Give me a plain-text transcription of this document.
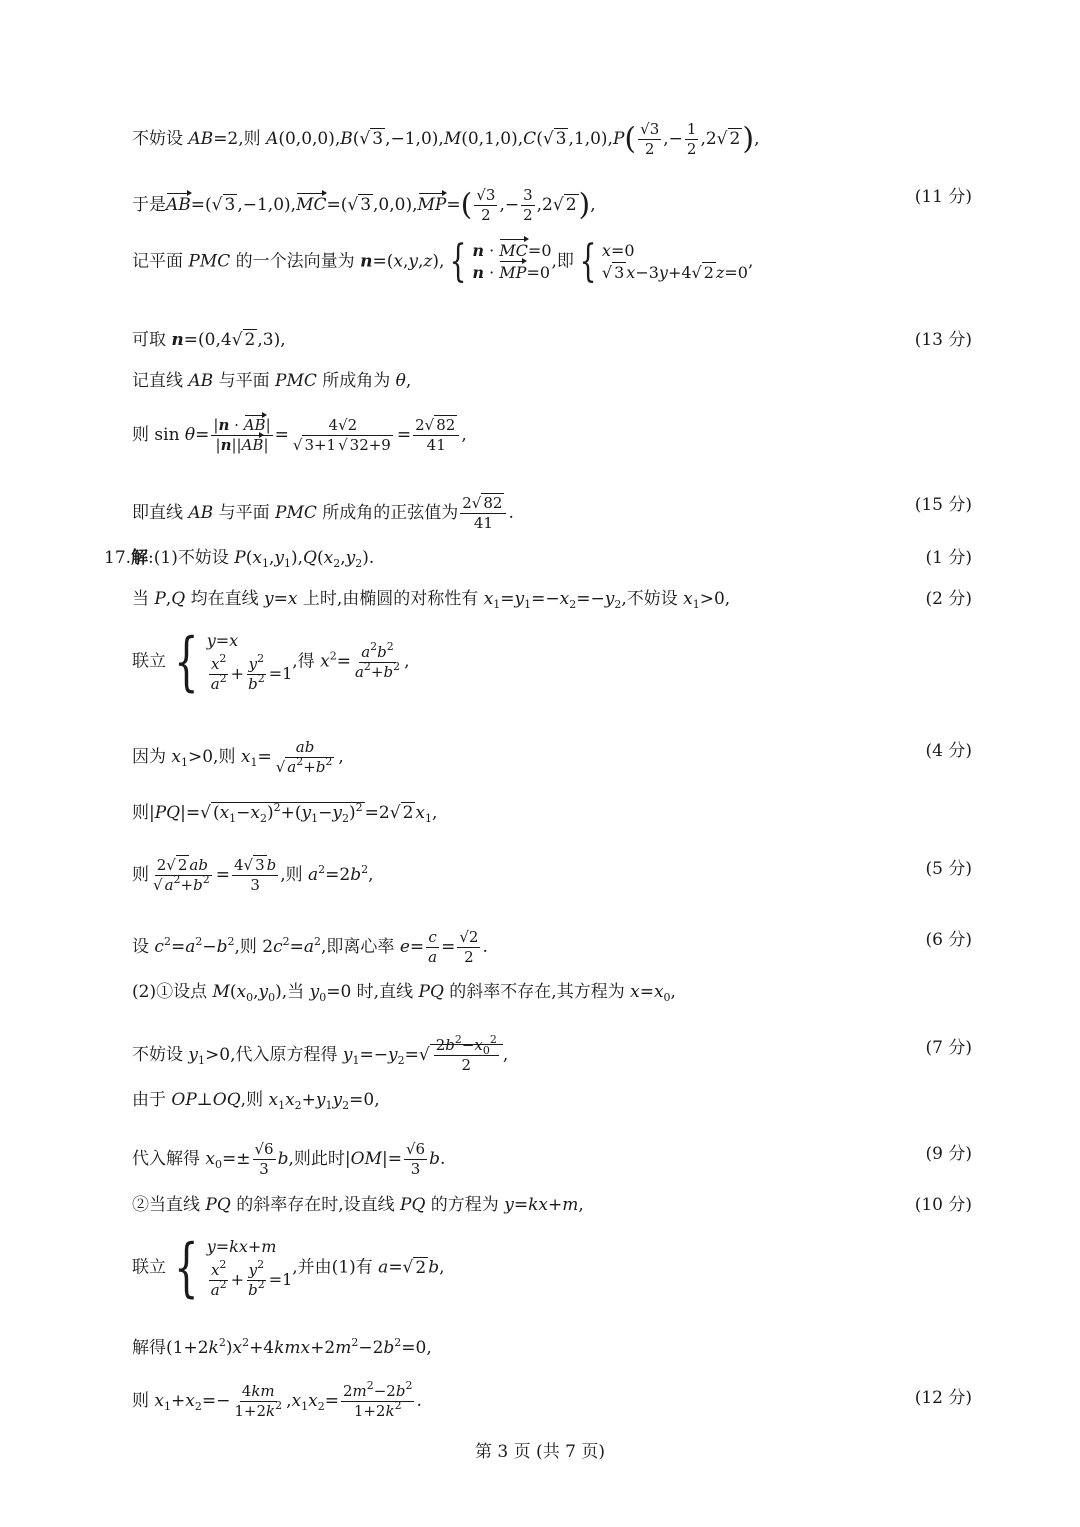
不妨设 AB=2,则 A(0,0,0),B(√ 3 ,−1,0),M(0,1,0),C(√ 3 $,1,0),P( \frac{√3}{2}$ ,− $\frac{1}{2} ,2√$ 2),
于是AB=(√ 3 ,−1,0),MC=(√ 3 $,0,0),MP=( \frac{√3}{2}$ ,− $\frac{3}{2} ,2√$ 2),	(11 分)
记平面 PMC 的一个法向量为 n=(x,y,z), { n · MC=0
n · MP=0
,即 { x=0
√ 3 x−3y+4√ 2 z=0
,
可取 n=(0,4√ 2 ,3),	(13 分)
记直线 AB 与平面 PMC 所成角为 θ,
则 $\sin \theta= \frac{|n \cdot AB|}{|n||AB|} = \frac{4√2}{√ 3+1 √ 32+9} = \frac{2√ 82}{41}$ ,
即直线 AB 与平面 PMC 所成角的正弦值为 $\frac{2√ 82}{41}$ .	(15 分)
17.解:(1)不妨设 $P(x_1,y_1),Q(x_2,y_2)$.	(1 分)
当 P,Q 均在直线 y=x 上时,由椭圆的对称性有 $x_1=y_1=-x_2=-y_2$,不妨设 $x_1>0$,	(2 分)
联立 { y=x
$\frac{x^2}{a^2} + \frac{y^2}{b^2} =1$
,得 $x^2= \frac{a^2b^2}{a^2+b^2}$ ,
因为 $x_1>0$,则 $x_1= \frac{ab}{√ a^2+b^2}$ ,	(4 分)
则|PQ|=√ $(x_1-x_2)^2+(y_1-y_2)^2 =2√$ 2 $x_1$,
则 $\frac{2√ 2 ab}{√ a^2+b^2} = \frac{4√ 3 b}{3}$ ,则 $a^2=2b^2$,	(5 分)
设 $c^2=a^2-b^2$,则 $2c^2=a^2$,即离心率 $e= \frac{c}{a} = \frac{√2}{2}$ .	(6 分)
(2)①设点 $M(x_0,y_0)$,当 $y_0=0$ 时,直线 PQ 的斜率不存在,其方程为 $x=x_0$,
不妨设 $y_1>0$,代入原方程得 $y_1=-y_2=√ \frac{2b^2-x_0^2}{2}$ ,	(7 分)
由于 OP⊥OQ,则 $x_1x_2+y_1y_2=0$,
代入解得 $x_0=\pm \frac{√6}{3} b$,则此时$|OM|= \frac{√6}{3} b$.	(9 分)
②当直线 PQ 的斜率存在时,设直线 PQ 的方程为 y=kx+m,	(10 分)
联立 { y=kx+m
$\frac{x^2}{a^2} + \frac{y^2}{b^2} =1$
,并由(1)有 a=√ 2 b,
解得$(1+2k^2)x^2+4kmx+2m^2-2b^2=0$,
则 $x_1+x_2=- \frac{4km}{1+2k^2} ,x_1x_2= \frac{2m^2-2b^2}{1+2k^2}$ .	(12 分)
第 3 页 (共 7 页)
